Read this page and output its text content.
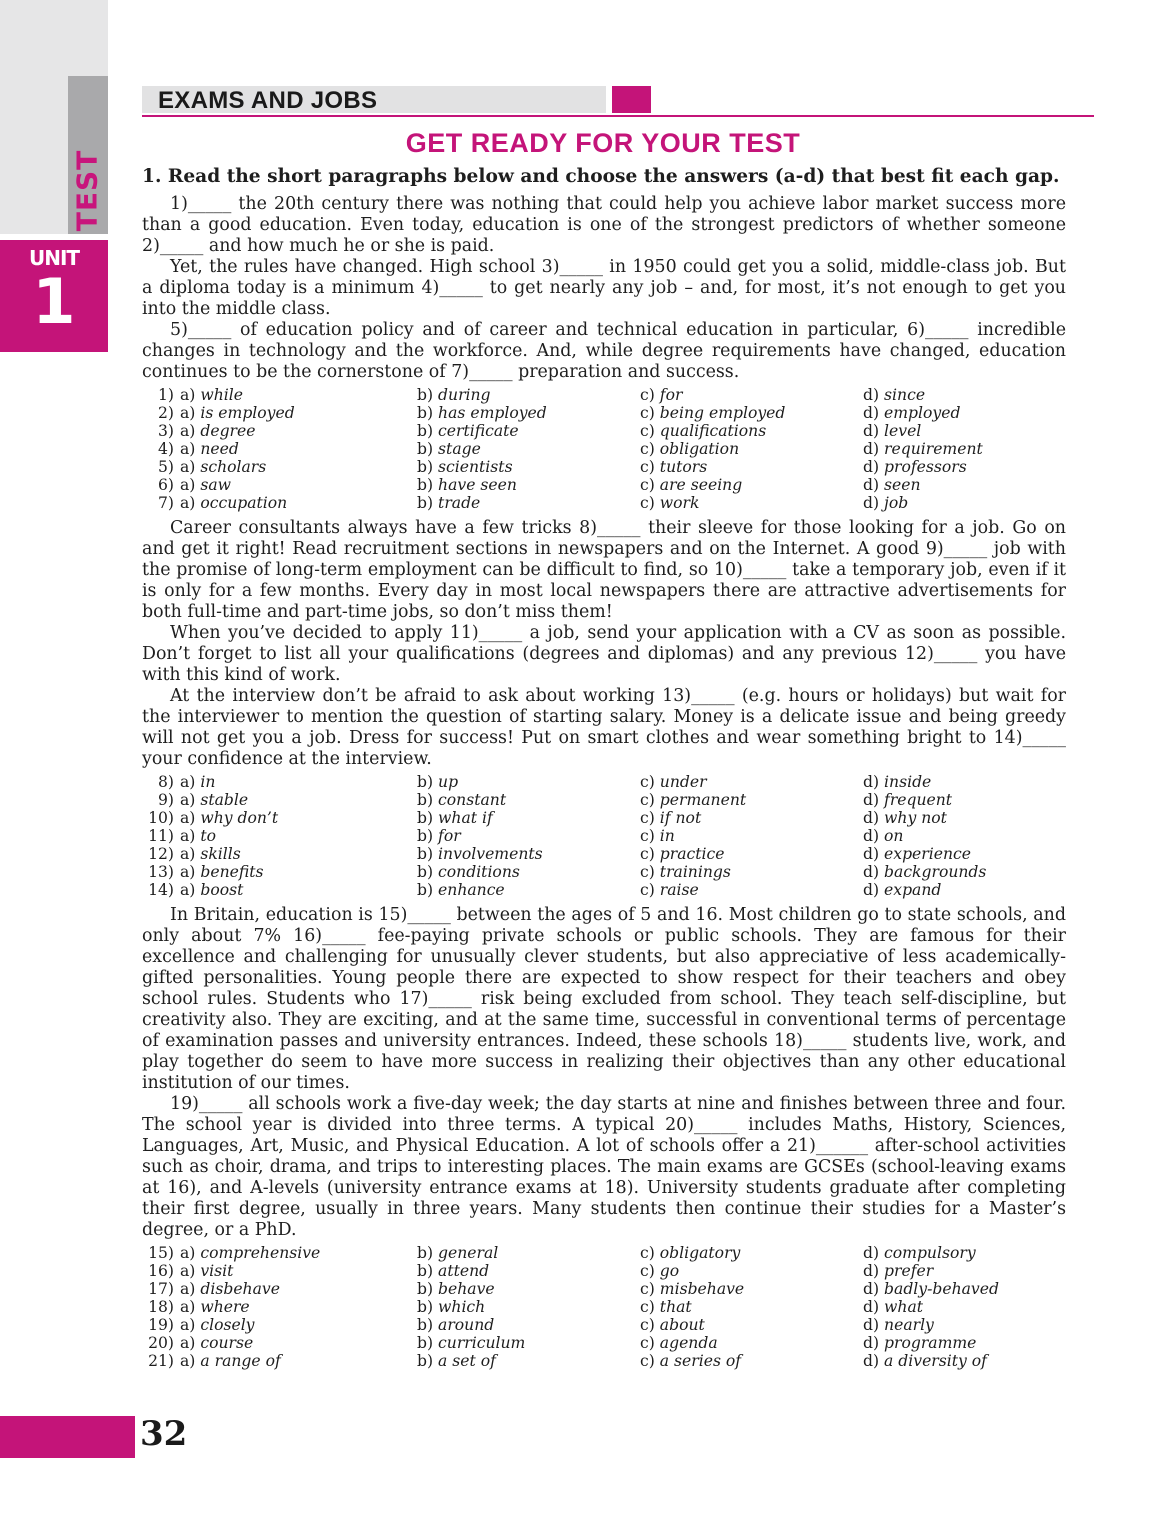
TEST
UNIT
1
EXAMS AND JOBS
GET READY FOR YOUR TEST
1. Read the short paragraphs below and choose the answers (a-d) that best fit each gap.

1)_____ the 20th century there was nothing that could help you achieve labor market success more than a good education. Even today, education is one of the strongest predictors of whether someone 2)_____ and how much he or she is paid.

Yet, the rules have changed. High school 3)_____ in 1950 could get you a solid, middle-class job. But a diploma today is a minimum 4)_____ to get nearly any job – and, for most, it’s not enough to get you into the middle class.

5)_____ of education policy and of career and technical education in particular, 6)_____ incredible changes in technology and the workforce. And, while degree requirements have changed, education continues to be the cornerstone of 7)_____ preparation and success.

1) a) while	b) during	c) for	d) since
2) a) is employed	b) has employed	c) being employed	d) employed
3) a) degree	b) certificate	c) qualifications	d) level
4) a) need	b) stage	c) obligation	d) requirement
5) a) scholars	b) scientists	c) tutors	d) professors
6) a) saw	b) have seen	c) are seeing	d) seen
7) a) occupation	b) trade	c) work	d) job

Career consultants always have a few tricks 8)_____ their sleeve for those looking for a job. Go on and get it right! Read recruitment sections in newspapers and on the Internet. A good 9)_____ job with the promise of long-term employment can be difficult to find, so 10)_____ take a temporary job, even if it is only for a few months. Every day in most local newspapers there are attractive advertisements for both full-time and part-time jobs, so don’t miss them!

When you’ve decided to apply 11)_____ a job, send your application with a CV as soon as possible. Don’t forget to list all your qualifications (degrees and diplomas) and any previous 12)_____ you have with this kind of work.

At the interview don’t be afraid to ask about working 13)_____ (e.g. hours or holidays) but wait for the interviewer to mention the question of starting salary. Money is a delicate issue and being greedy will not get you a job. Dress for success! Put on smart clothes and wear something bright to 14)_____ your confidence at the interview.

8) a) in	b) up	c) under	d) inside
9) a) stable	b) constant	c) permanent	d) frequent
10) a) why don’t	b) what if	c) if not	d) why not
11) a) to	b) for	c) in	d) on
12) a) skills	b) involvements	c) practice	d) experience
13) a) benefits	b) conditions	c) trainings	d) backgrounds
14) a) boost	b) enhance	c) raise	d) expand

In Britain, education is 15)_____ between the ages of 5 and 16. Most children go to state schools, and only about 7% 16)_____ fee-paying private schools or public schools. They are famous for their excellence and challenging for unusually clever students, but also appreciative of less academically-gifted personalities. Young people there are expected to show respect for their teachers and obey school rules. Students who 17)_____ risk being excluded from school. They teach self-discipline, but creativity also. They are exciting, and at the same time, successful in conventional terms of percentage of examination passes and university entrances. Indeed, these schools 18)_____ students live, work, and play together do seem to have more success in realizing their objectives than any other educational institution of our times.

19)_____ all schools work a five-day week; the day starts at nine and finishes between three and four. The school year is divided into three terms. A typical 20)_____ includes Maths, History, Sciences, Languages, Art, Music, and Physical Education. A lot of schools offer a 21)______ after-school activities such as choir, drama, and trips to interesting places. The main exams are GCSEs (school-leaving exams at 16), and A-levels (university entrance exams at 18). University students graduate after completing their first degree, usually in three years. Many students then continue their studies for a Master’s degree, or a PhD.

15) a) comprehensive	b) general	c) obligatory	d) compulsory
16) a) visit	b) attend	c) go	d) prefer
17) a) disbehave	b) behave	c) misbehave	d) badly-behaved
18) a) where	b) which	c) that	d) what
19) a) closely	b) around	c) about	d) nearly
20) a) course	b) curriculum	c) agenda	d) programme
21) a) a range of	b) a set of	c) a series of	d) a diversity of
32
